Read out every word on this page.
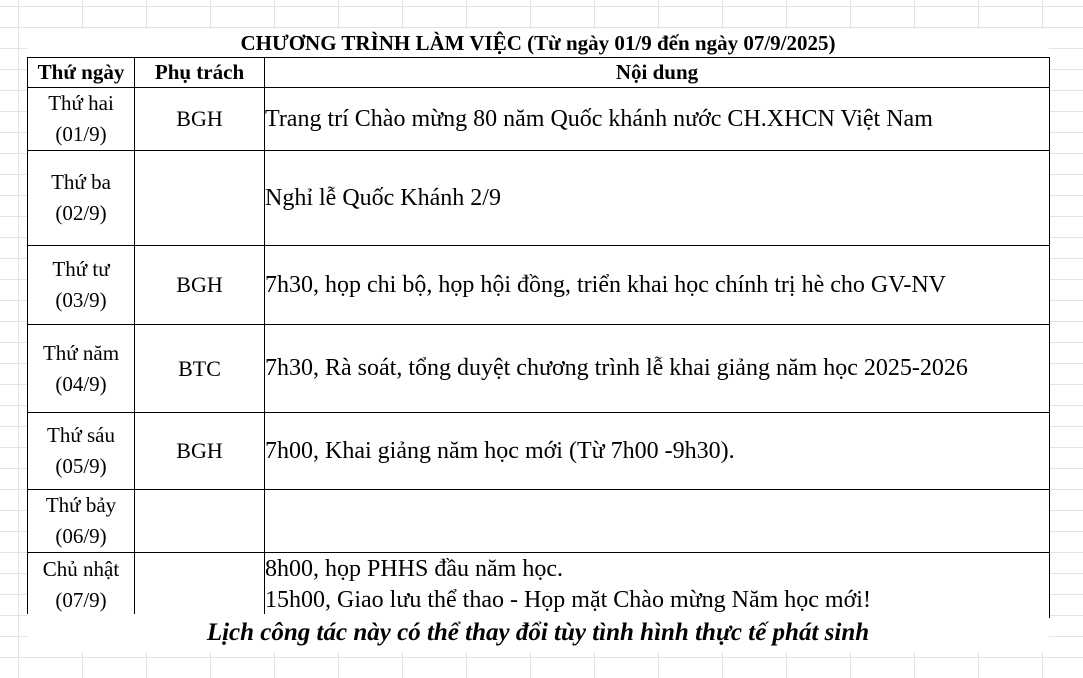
CHƯƠNG TRÌNH LÀM VIỆC (Từ ngày 01/9 đến ngày 07/9/2025)
Thứ ngày	Phụ trách	Nội dung
Thứ hai
(01/9)	BGH	Trang trí Chào mừng 80 năm Quốc khánh nước CH.XHCN Việt Nam

Thứ ba
(02/9)		Nghỉ lễ Quốc Khánh 2/9

Thứ tư
(03/9)	BGH	7h30, họp chi bộ, họp hội đồng, triển khai học chính trị hè cho GV-NV

Thứ năm
(04/9)	BTC	7h30, Rà soát, tổng duyệt chương trình lễ khai giảng năm học 2025-2026

Thứ sáu
(05/9)	BGH	7h00, Khai giảng năm học mới (Từ 7h00 -9h30).

Thứ bảy
(06/9)		

Chủ nhật
(07/9)		8h00, họp PHHS đầu năm học.
15h00, Giao lưu thể thao - Họp mặt Chào mừng Năm học mới!
Lịch công tác này có thể thay đổi tùy tình hình thực tế phát sinh
